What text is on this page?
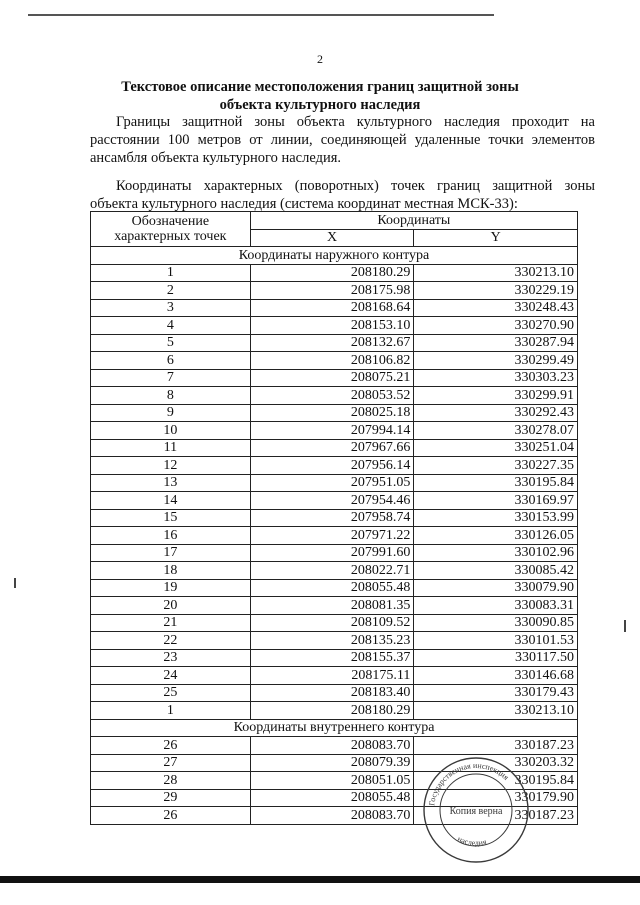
2
Текстовое описание местоположения границ защитной зоны
объекта культурного наследия
Границы защитной зоны объекта культурного наследия проходит на расстоянии 100 метров от линии, соединяющей удаленные точки элементов ансамбля объекта культурного наследия.
Координаты характерных (поворотных) точек границ защитной зоны объекта культурного наследия (система координат местная МСК-33):
Обозначение характерных точек	Координаты	
	X	Y
Координаты наружного контура		
1	208180.29	330213.10
2	208175.98	330229.19
3	208168.64	330248.43
4	208153.10	330270.90
5	208132.67	330287.94
6	208106.82	330299.49
7	208075.21	330303.23
8	208053.52	330299.91
9	208025.18	330292.43
10	207994.14	330278.07
11	207967.66	330251.04
12	207956.14	330227.35
13	207951.05	330195.84
14	207954.46	330169.97
15	207958.74	330153.99
16	207971.22	330126.05
17	207991.60	330102.96
18	208022.71	330085.42
19	208055.48	330079.90
20	208081.35	330083.31
21	208109.52	330090.85
22	208135.23	330101.53
23	208155.37	330117.50
24	208175.11	330146.68
25	208183.40	330179.43
1	208180.29	330213.10
Координаты внутреннего контура		
26	208083.70	330187.23
27	208079.39	330203.32
28	208051.05	330195.84
29	208055.48	330179.90
26	208083.70	330187.23
Государственная инспекция
наследия
Копия верна
